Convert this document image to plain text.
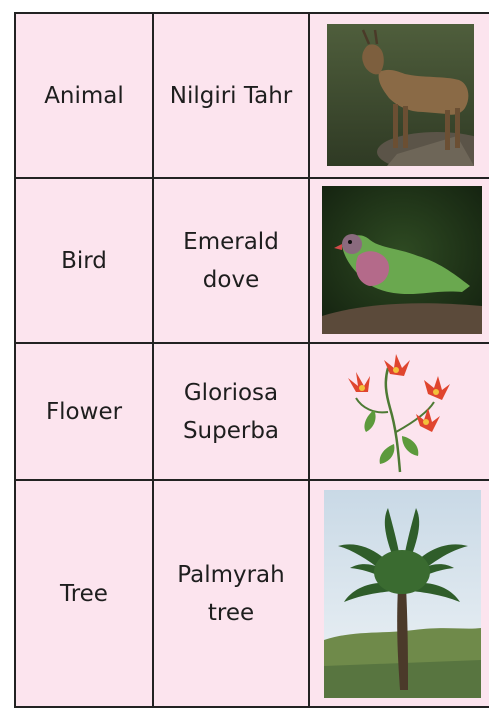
Animal Nilgiri Tahr
Bird
Emerald dove
Flower
Gloriosa Superba
Tree
Palmyrah tree
